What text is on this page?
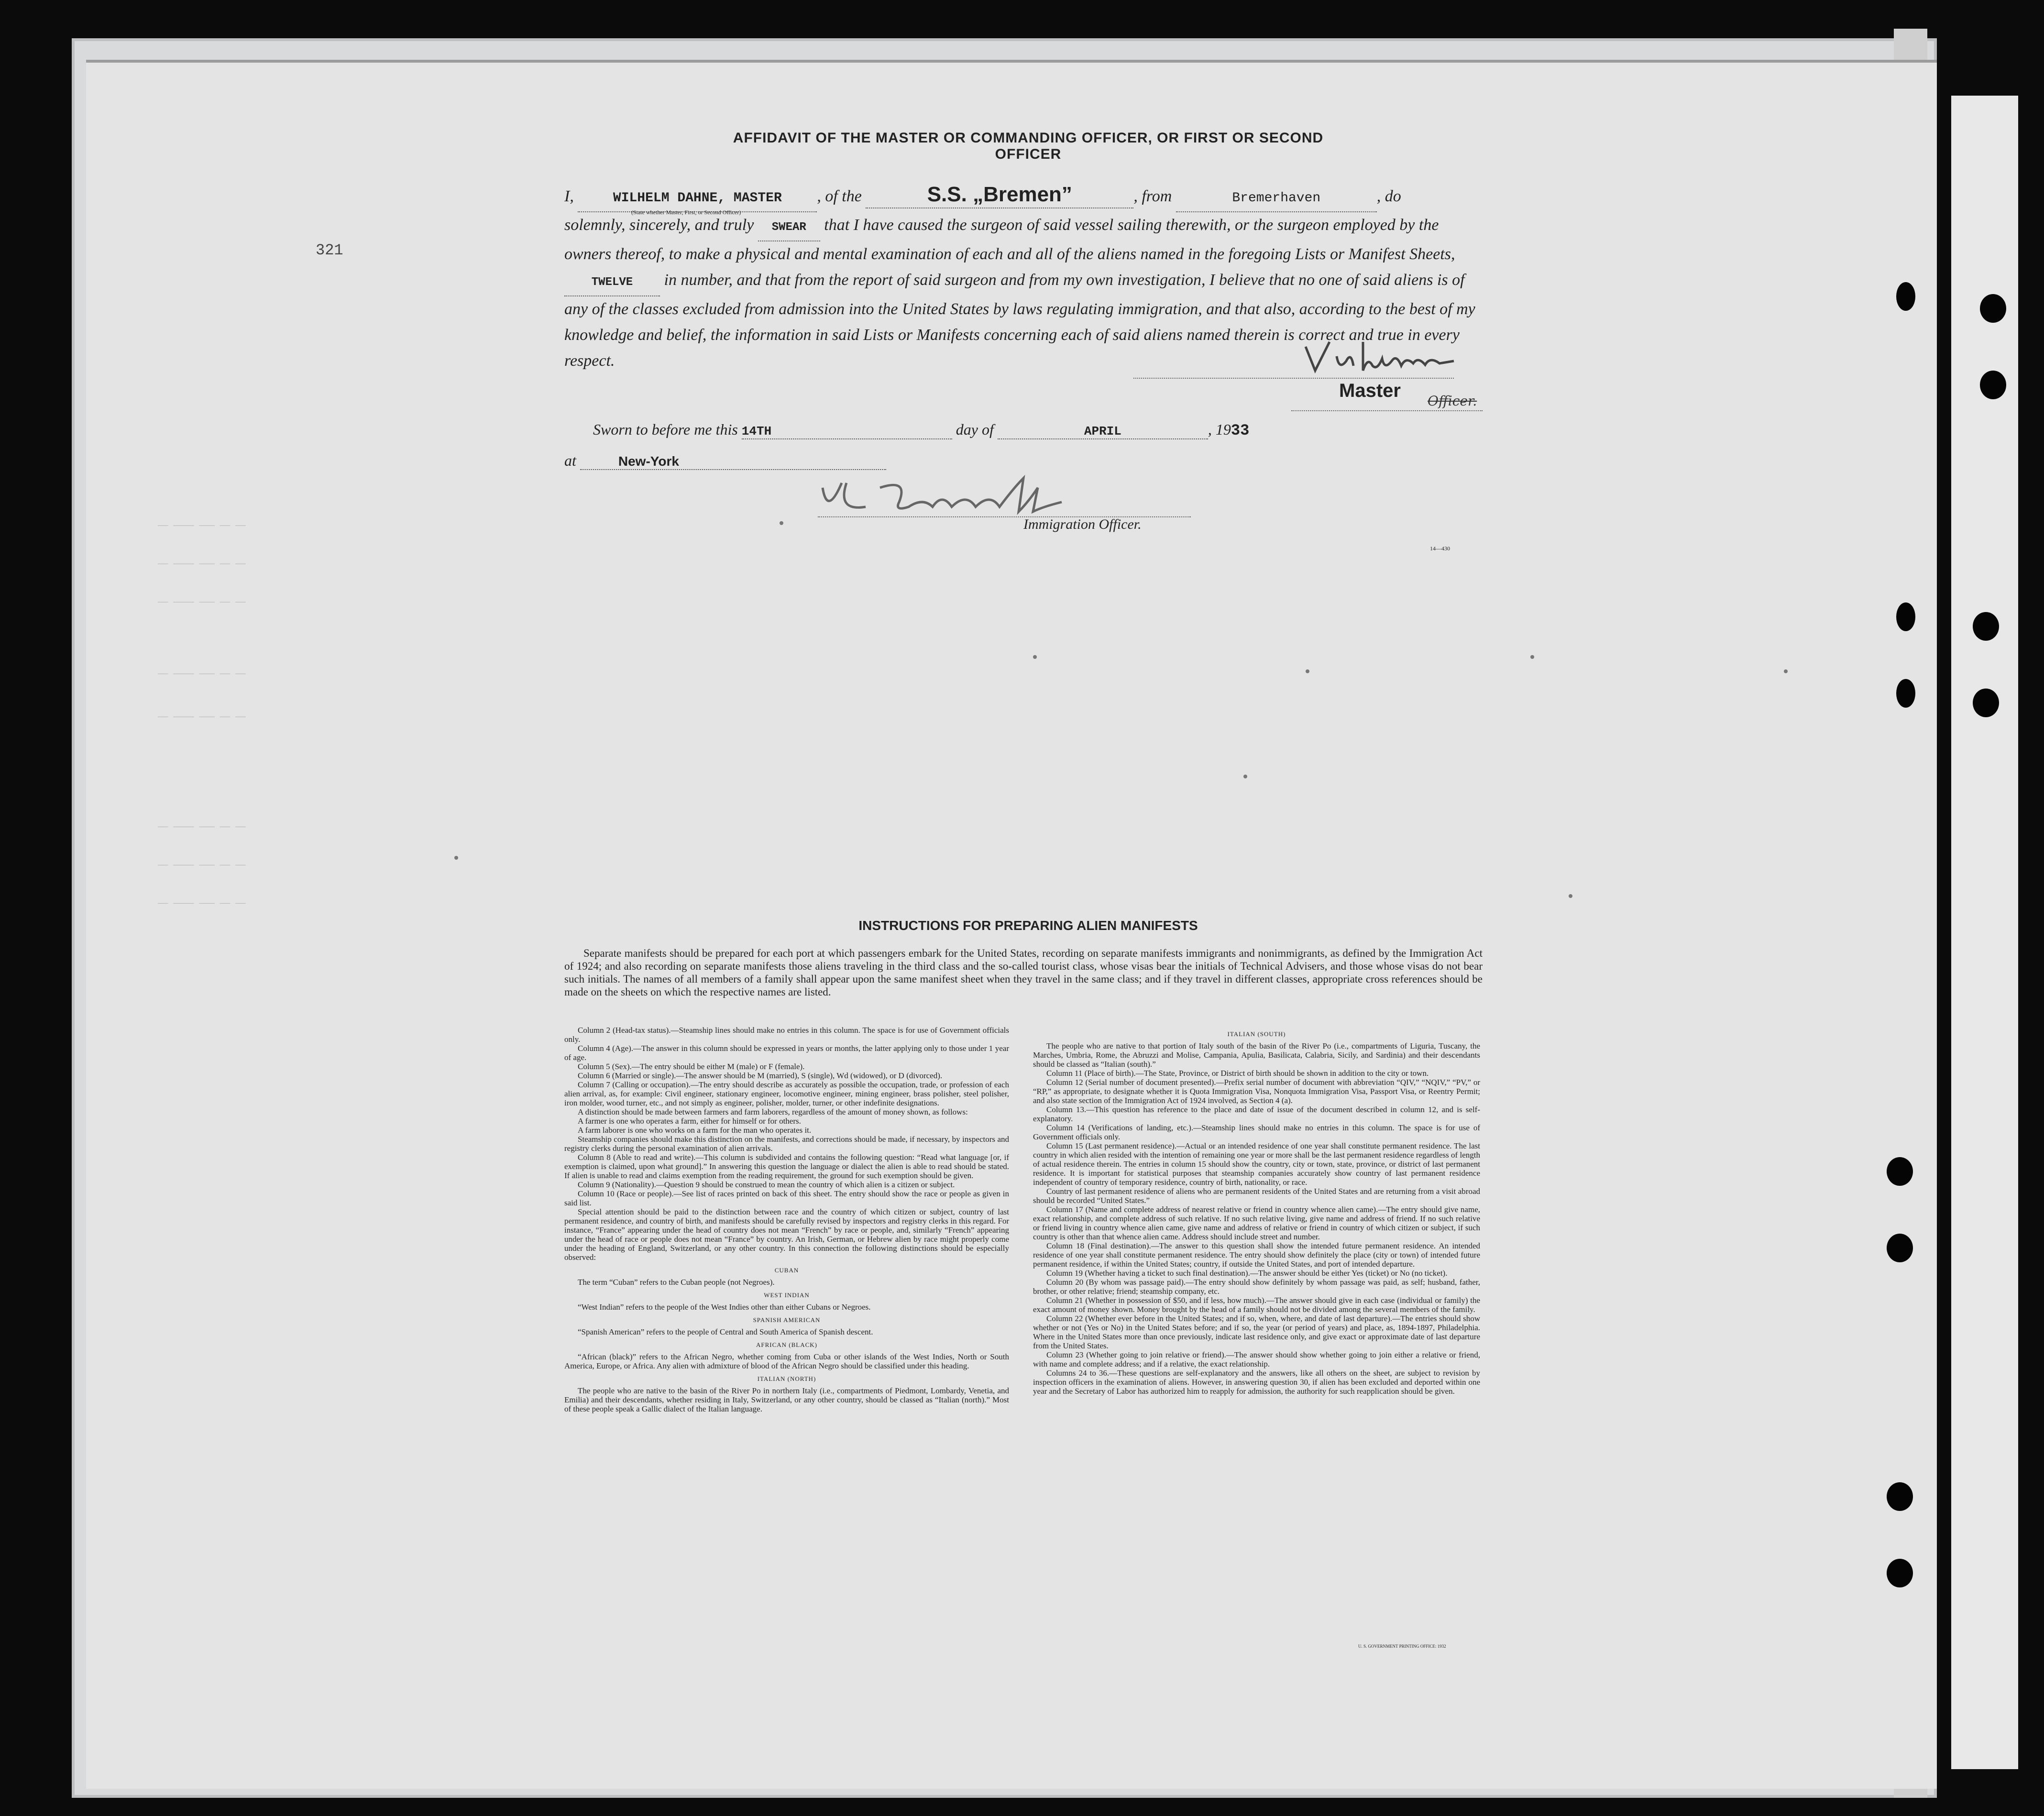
—— ———— ——— —— ——
—— ———— ——— —— ——
—— ———— ——— —— ——
—— ———— ——— —— ——
—— ———— ——— —— ——
—— ———— ——— —— ——
—— ———— ——— —— ——
—— ———— ——— —— ——
321
AFFIDAVIT OF THE MASTER OR COMMANDING OFFICER, OR FIRST OR SECOND OFFICER
I,	WILHELM DAHNE, MASTER , of the	S.S. „Bremen”	, from	Bremerhaven	, do
solemnly, sincerely, and truly SWEAR that I have caused the surgeon of said vessel sailing therewith, or the surgeon employed by the owners thereof, to make a physical and mental examination of each and all of the aliens named in the foregoing Lists or Manifest Sheets, TWELVE in number, and that from the report of said surgeon and from my own investigation, I believe that no one of said aliens is of any of the classes excluded from admission into the United States by laws regulating immigration, and that also, according to the best of my knowledge and belief, the information in said Lists or Manifests concerning each of said aliens named therein is correct and true in every respect.
(State whether Master, First, or Second Officer)
Master Officer.
Sworn to before me this 14TH	day of	APRIL	, 1933
at	New-York
Immigration Officer.
14—430
INSTRUCTIONS FOR PREPARING ALIEN MANIFESTS
Separate manifests should be prepared for each port at which passengers embark for the United States, recording on separate manifests immigrants and nonimmigrants, as defined by the Immigration Act of 1924; and also recording on separate manifests those aliens traveling in the third class and the so-called tourist class, whose visas bear the initials of Technical Advisers, and those whose visas do not bear such initials. The names of all members of a family shall appear upon the same manifest sheet when they travel in the same class; and if they travel in different classes, appropriate cross references should be made on the sheets on which the respective names are listed.

Column 2 (Head-tax status).—Steamship lines should make no entries in this column. The space is for use of Government officials only.

Column 4 (Age).—The answer in this column should be expressed in years or months, the latter applying only to those under 1 year of age.

Column 5 (Sex).—The entry should be either M (male) or F (female).

Column 6 (Married or single).—The answer should be M (married), S (single), Wd (widowed), or D (divorced).

Column 7 (Calling or occupation).—The entry should describe as accurately as possible the occupation, trade, or profession of each alien arrival, as, for example: Civil engineer, stationary engineer, locomotive engineer, mining engineer, brass polisher, steel polisher, iron molder, wood turner, etc., and not simply as engineer, polisher, molder, turner, or other indefinite designations.

A distinction should be made between farmers and farm laborers, regardless of the amount of money shown, as follows:

A farmer is one who operates a farm, either for himself or for others.

A farm laborer is one who works on a farm for the man who operates it.

Steamship companies should make this distinction on the manifests, and corrections should be made, if necessary, by inspectors and registry clerks during the personal examination of alien arrivals.

Column 8 (Able to read and write).—This column is subdivided and contains the following question: “Read what language [or, if exemption is claimed, upon what ground].” In answering this question the language or dialect the alien is able to read should be stated. If alien is unable to read and claims exemption from the reading requirement, the ground for such exemption should be given.

Column 9 (Nationality).—Question 9 should be construed to mean the country of which alien is a citizen or subject.

Column 10 (Race or people).—See list of races printed on back of this sheet. The entry should show the race or people as given in said list.

Special attention should be paid to the distinction between race and the country of which citizen or subject, country of last permanent residence, and country of birth, and manifests should be carefully revised by inspectors and registry clerks in this regard. For instance, “France” appearing under the head of country does not mean “French” by race or people, and, similarly “French” appearing under the head of race or people does not mean “France” by country. An Irish, German, or Hebrew alien by race might properly come under the heading of England, Switzerland, or any other country. In this connection the following distinctions should be especially observed:

CUBAN

The term “Cuban” refers to the Cuban people (not Negroes).

WEST INDIAN

“West Indian” refers to the people of the West Indies other than either Cubans or Negroes.

SPANISH AMERICAN

“Spanish American” refers to the people of Central and South America of Spanish descent.

AFRICAN (BLACK)

“African (black)” refers to the African Negro, whether coming from Cuba or other islands of the West Indies, North or South America, Europe, or Africa. Any alien with admixture of blood of the African Negro should be classified under this heading.

ITALIAN (NORTH)

The people who are native to the basin of the River Po in northern Italy (i.e., compartments of Piedmont, Lombardy, Venetia, and Emilia) and their descendants, whether residing in Italy, Switzerland, or any other country, should be classed as “Italian (north).” Most of these people speak a Gallic dialect of the Italian language.

ITALIAN (SOUTH)

The people who are native to that portion of Italy south of the basin of the River Po (i.e., compartments of Liguria, Tuscany, the Marches, Umbria, Rome, the Abruzzi and Molise, Campania, Apulia, Basilicata, Calabria, Sicily, and Sardinia) and their descendants should be classed as “Italian (south).”

Column 11 (Place of birth).—The State, Province, or District of birth should be shown in addition to the city or town.

Column 12 (Serial number of document presented).—Prefix serial number of document with abbreviation “QIV,” “NQIV,” “PV,” or “RP,” as appropriate, to designate whether it is Quota Immigration Visa, Nonquota Immigration Visa, Passport Visa, or Reentry Permit; and also state section of the Immigration Act of 1924 involved, as Section 4 (a).

Column 13.—This question has reference to the place and date of issue of the document described in column 12, and is self-explanatory.

Column 14 (Verifications of landing, etc.).—Steamship lines should make no entries in this column. The space is for use of Government officials only.

Column 15 (Last permanent residence).—Actual or an intended residence of one year shall constitute permanent residence. The last country in which alien resided with the intention of remaining one year or more shall be the last permanent residence regardless of length of actual residence therein. The entries in column 15 should show the country, city or town, state, province, or district of last permanent residence. It is important for statistical purposes that steamship companies accurately show country of last permanent residence independent of country of temporary residence, country of birth, nationality, or race.

Country of last permanent residence of aliens who are permanent residents of the United States and are returning from a visit abroad should be recorded “United States.”

Column 17 (Name and complete address of nearest relative or friend in country whence alien came).—The entry should give name, exact relationship, and complete address of such relative. If no such relative living, give name and address of friend. If no such relative or friend living in country whence alien came, give name and address of relative or friend in country of which citizen or subject, if such country is other than that whence alien came. Address should include street and number.

Column 18 (Final destination).—The answer to this question shall show the intended future permanent residence. An intended residence of one year shall constitute permanent residence. The entry should show definitely the place (city or town) of intended future permanent residence, if within the United States; country, if outside the United States, and port of intended departure.

Column 19 (Whether having a ticket to such final destination).—The answer should be either Yes (ticket) or No (no ticket).

Column 20 (By whom was passage paid).—The entry should show definitely by whom passage was paid, as self; husband, father, brother, or other relative; friend; steamship company, etc.

Column 21 (Whether in possession of $50, and if less, how much).—The answer should give in each case (individual or family) the exact amount of money shown. Money brought by the head of a family should not be divided among the several members of the family.

Column 22 (Whether ever before in the United States; and if so, when, where, and date of last departure).—The entries should show whether or not (Yes or No) in the United States before; and if so, the year (or period of years) and place, as, 1894-1897, Philadelphia. Where in the United States more than once previously, indicate last residence only, and give exact or approximate date of last departure from the United States.

Column 23 (Whether going to join relative or friend).—The answer should show whether going to join either a relative or friend, with name and complete address; and if a relative, the exact relationship.

Columns 24 to 36.—These questions are self-explanatory and the answers, like all others on the sheet, are subject to revision by inspection officers in the examination of aliens. However, in answering question 30, if alien has been excluded and deported within one year and the Secretary of Labor has authorized him to reapply for admission, the authority for such reapplication should be given.

U. S. GOVERNMENT PRINTING OFFICE: 1932
